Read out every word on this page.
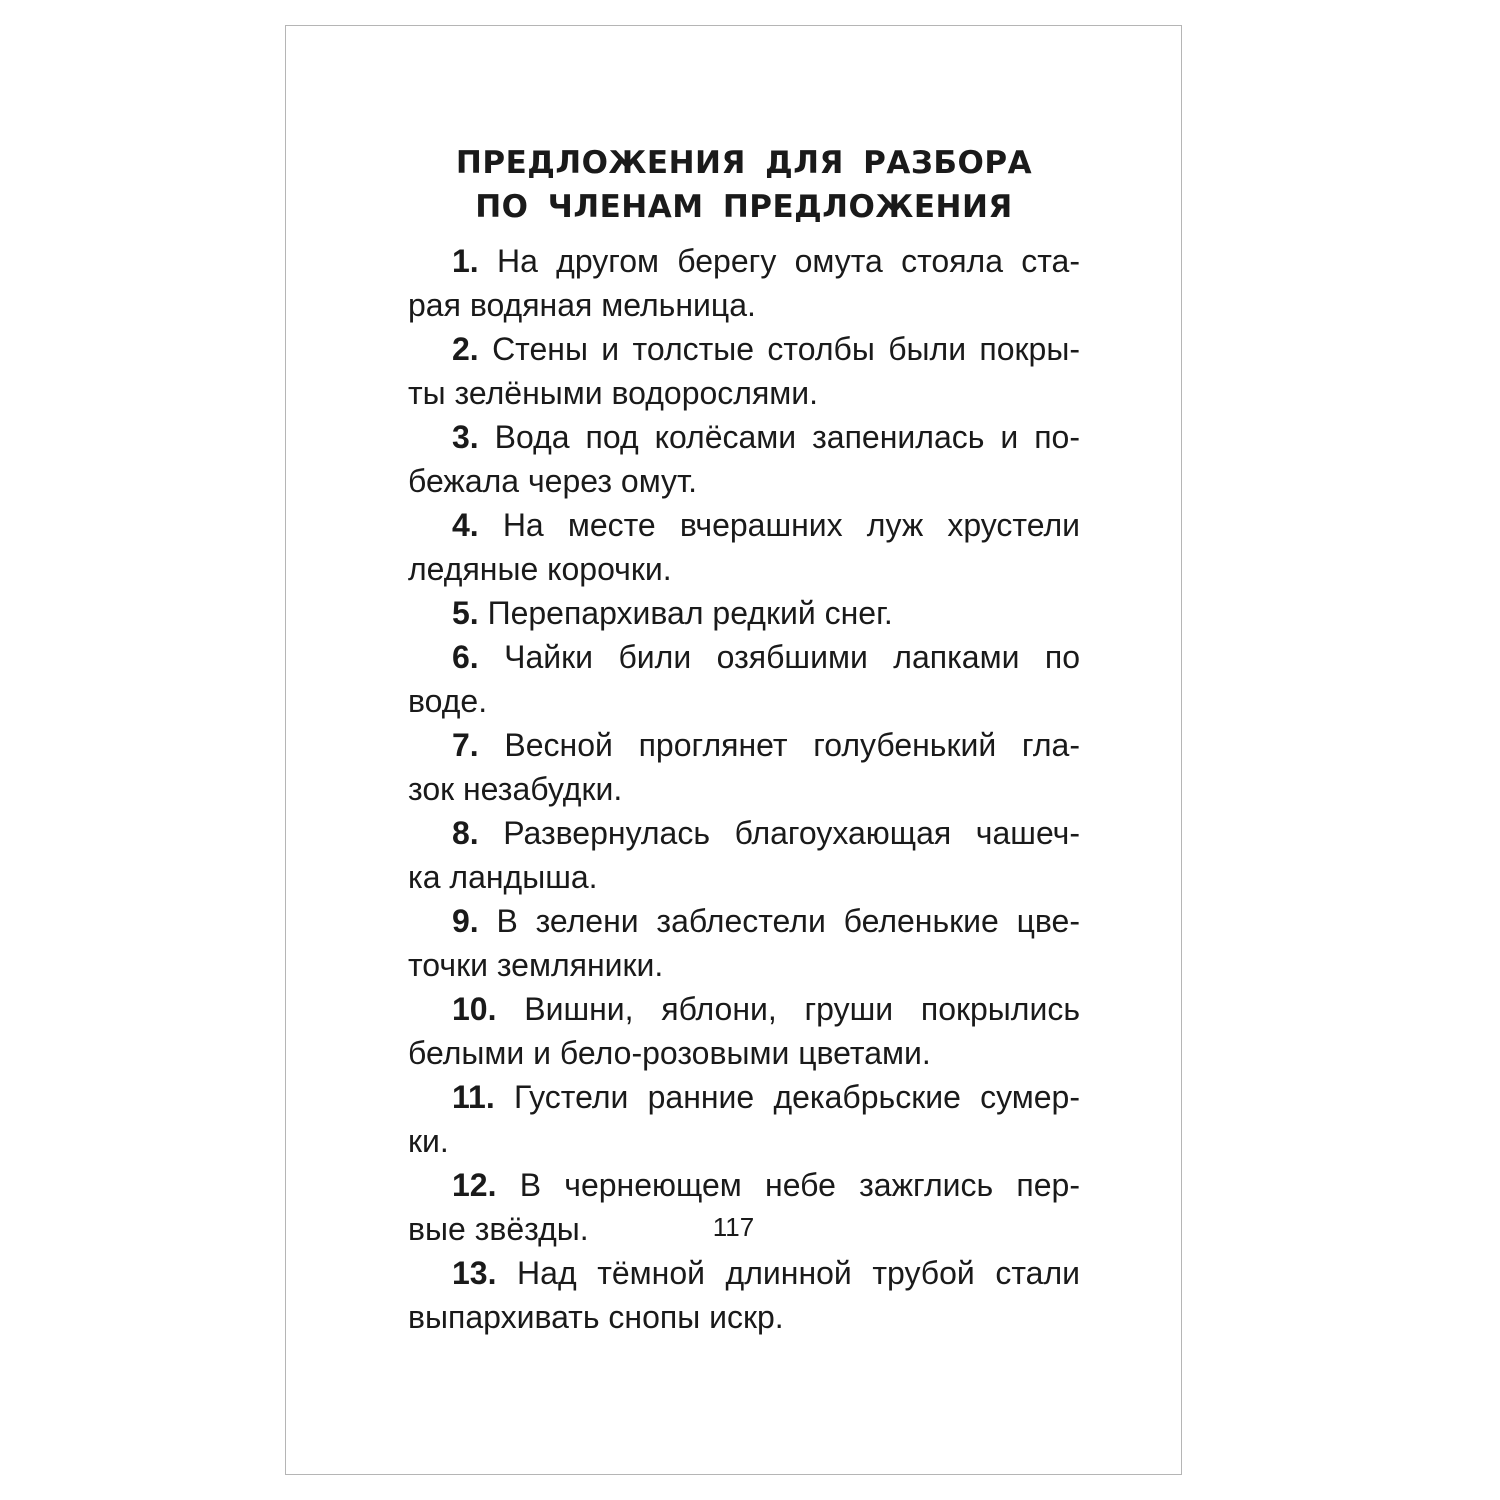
ПРЕДЛОЖЕНИЯ ДЛЯ РАЗБОРА
ПО ЧЛЕНАМ ПРЕДЛОЖЕНИЯ
1. На другом берегу омута стояла ста-
рая водяная мельница.
2. Стены и толстые столбы были покры-
ты зелёными водорослями.
3. Вода под колёсами запенилась и по-
бежала через омут.
4. На месте вчерашних луж хрустели
ледяные корочки.
5. Перепархивал редкий снег.
6. Чайки били озябшими лапками по
воде.
7. Весной проглянет голубенький гла-
зок незабудки.
8. Развернулась благоухающая чашеч-
ка ландыша.
9. В зелени заблестели беленькие цве-
точки земляники.
10. Вишни, яблони, груши покрылись
белыми и бело-розовыми цветами.
11. Густели ранние декабрьские сумер-
ки.
12. В чернеющем небе зажглись пер-
вые звёзды.
13. Над тёмной длинной трубой стали
выпархивать снопы искр.
117
